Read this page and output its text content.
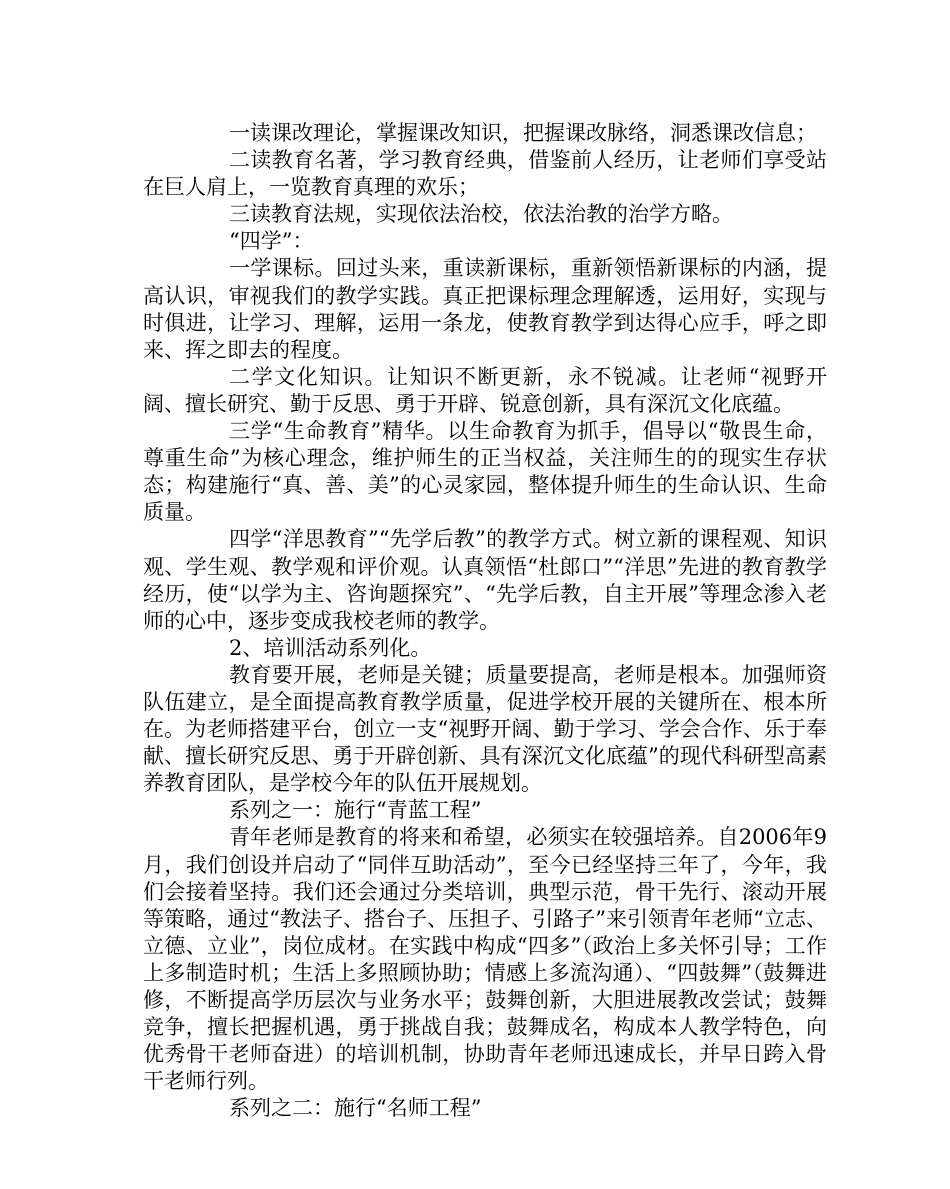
一读课改理论，掌握课改知识，把握课改脉络，洞悉课改信息；

二读教育名著，学习教育经典，借鉴前人经历，让老师们享受站在巨人肩上，一览教育真理的欢乐；

三读教育法规，实现依法治校，依法治教的治学方略。

“四学”：

一学课标。回过头来，重读新课标，重新领悟新课标的内涵，提高认识，审视我们的教学实践。真正把课标理念理解透，运用好，实现与时俱进，让学习、理解，运用一条龙，使教育教学到达得心应手，呼之即来、挥之即去的程度。

二学文化知识。让知识不断更新，永不锐减。让老师“视野开阔、擅长研究、勤于反思、勇于开辟、锐意创新，具有深沉文化底蕴。

三学“生命教育”精华。以生命教育为抓手，倡导以“敬畏生命，尊重生命”为核心理念，维护师生的正当权益，关注师生的的现实生存状态；构建施行“真、善、美”的心灵家园，整体提升师生的生命认识、生命质量。

四学“洋思教育”“先学后教”的教学方式。树立新的课程观、知识观、学生观、教学观和评价观。认真领悟“杜郎口”“洋思”先进的教育教学经历，使“以学为主、咨询题探究”、“先学后教，自主开展”等理念渗入老师的心中，逐步变成我校老师的教学。

2、培训活动系列化。

教育要开展，老师是关键；质量要提高，老师是根本。加强师资队伍建立，是全面提高教育教学质量，促进学校开展的关键所在、根本所在。为老师搭建平台，创立一支“视野开阔、勤于学习、学会合作、乐于奉献、擅长研究反思、勇于开辟创新、具有深沉文化底蕴”的现代科研型高素养教育团队，是学校今年的队伍开展规划。

系列之一：施行“青蓝工程”

青年老师是教育的将来和希望，必须实在较强培养。自2006年9月，我们创设并启动了“同伴互助活动”，至今已经坚持三年了，今年，我们会接着坚持。我们还会通过分类培训，典型示范，骨干先行、滚动开展等策略，通过“教法子、搭台子、压担子、引路子”来引领青年老师“立志、立德、立业”，岗位成材。在实践中构成“四多”（政治上多关怀引导；工作上多制造时机；生活上多照顾协助；情感上多流沟通）、“四鼓舞”（鼓舞进修，不断提高学历层次与业务水平；鼓舞创新，大胆进展教改尝试；鼓舞竞争，擅长把握机遇，勇于挑战自我；鼓舞成名，构成本人教学特色，向优秀骨干老师奋进）的培训机制，协助青年老师迅速成长，并早日跨入骨干老师行列。

系列之二：施行“名师工程”
